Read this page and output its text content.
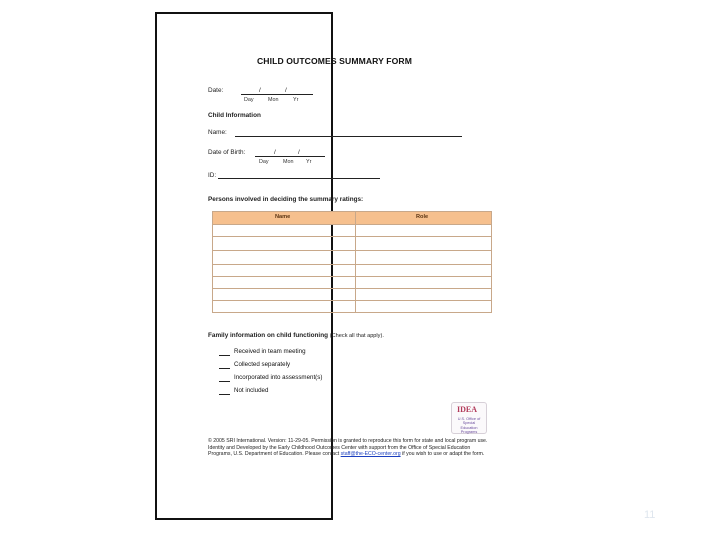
CHILD OUTCOMES SUMMARY FORM
Date:	/	/
Day	Mon	Yr
Child Information
Name:
Date of Birth:	/	/
Day	Mon Yr
ID:
Persons involved in deciding the summary ratings:
Name	Role
Family information on child functioning (Check all that apply).
Received in team meeting
Collected separately
Incorporated into assessment(s)
Not included
IDEA
U.S. Office of Special Education Programs
© 2005 SRI International. Version: 11-29-05. Permission is granted to reproduce this form for state and local program use. Identity and Developed by the Early Childhood Outcomes Center with support from the Office of Special Education Programs, U.S. Department of Education. Please contact staff@the-ECO-center.org if you wish to use or adapt the form.
11
